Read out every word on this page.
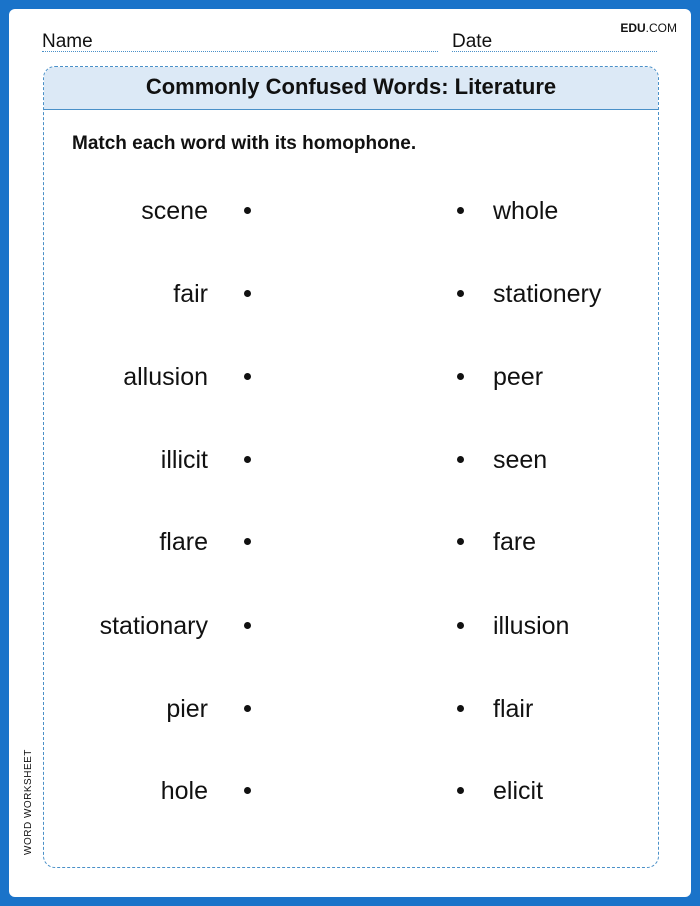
EDU.COM
Name	Date
Commonly Confused Words: Literature
Match each word with its homophone.
scene	whole
fair	stationery
allusion	peer
illicit	seen
flare	fare
stationary	illusion
pier	flair
hole	elicit
WORD WORKSHEET
